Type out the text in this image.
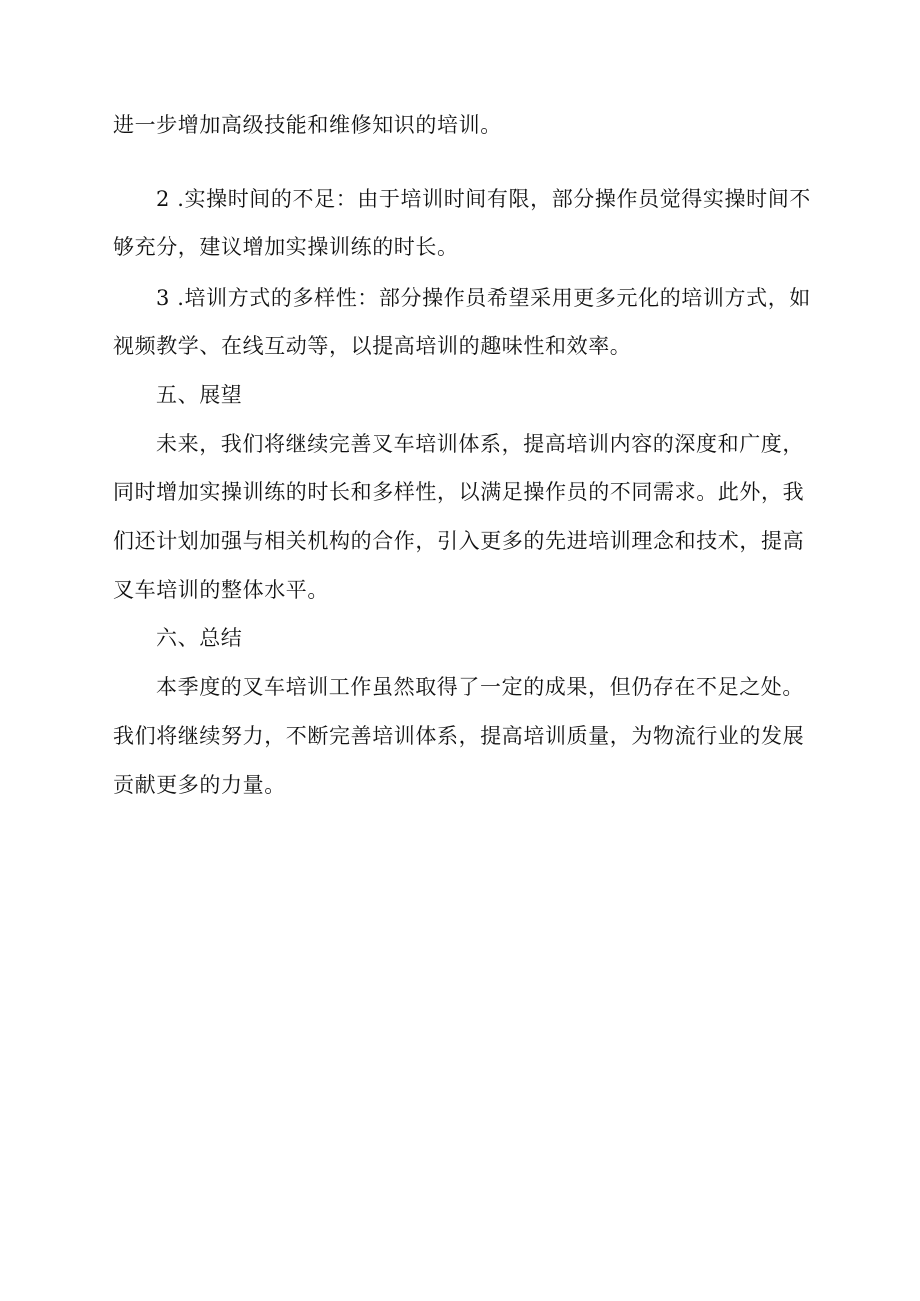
进一步增加高级技能和维修知识的培训。
2 .实操时间的不足：由于培训时间有限，部分操作员觉得实操时间不
够充分，建议增加实操训练的时长。
3 .培训方式的多样性：部分操作员希望采用更多元化的培训方式，如
视频教学、在线互动等，以提高培训的趣味性和效率。
五、展望
未来，我们将继续完善叉车培训体系，提高培训内容的深度和广度，
同时增加实操训练的时长和多样性，以满足操作员的不同需求。此外，我
们还计划加强与相关机构的合作，引入更多的先进培训理念和技术，提高
叉车培训的整体水平。
六、总结
本季度的叉车培训工作虽然取得了一定的成果，但仍存在不足之处。
我们将继续努力，不断完善培训体系，提高培训质量，为物流行业的发展
贡献更多的力量。
